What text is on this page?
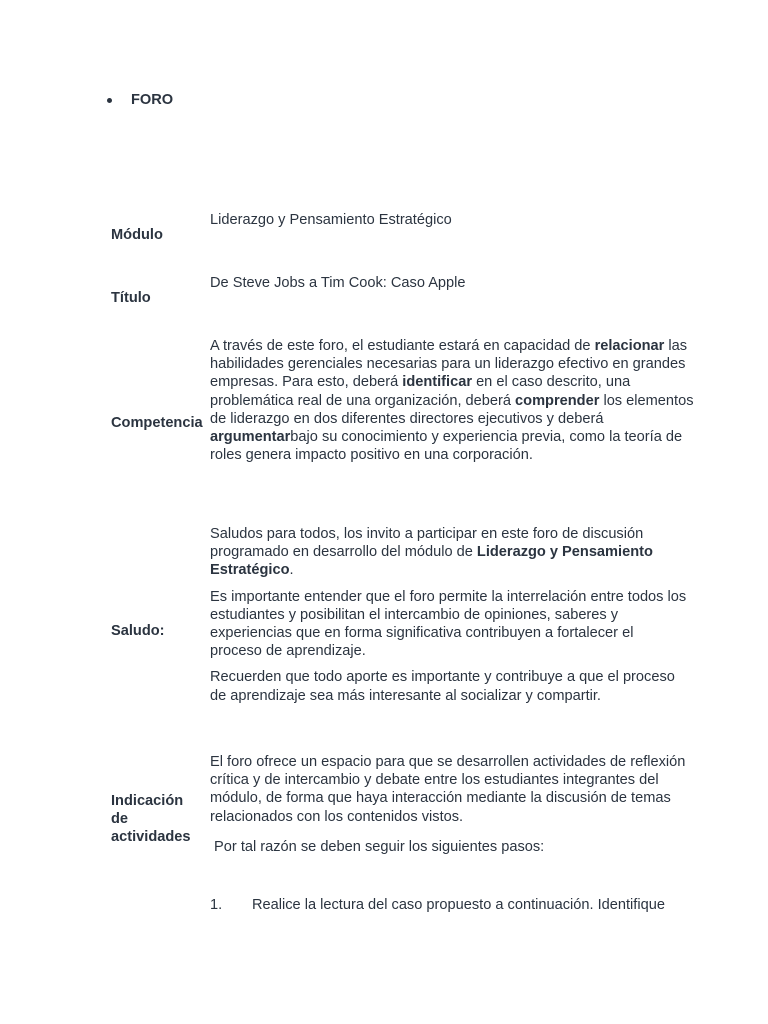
FORO
Módulo

Liderazgo y Pensamiento Estratégico

Título

De Steve Jobs a Tim Cook: Caso Apple

Competencia

A través de este foro, el estudiante estará en capacidad de relacionar las habilidades gerenciales necesarias para un liderazgo efectivo en grandes empresas. Para esto, deberá identificar en el caso descrito, una problemática real de una organización, deberá comprender los elementos de liderazgo en dos diferentes directores ejecutivos y deberá argumentarbajo su conocimiento y experiencia previa, como la teoría de roles genera impacto positivo en una corporación.

Saludo:

Saludos para todos, los invito a participar en este foro de discusión programado en desarrollo del módulo de Liderazgo y Pensamiento Estratégico.

Es importante entender que el foro permite la interrelación entre todos los estudiantes y posibilitan el intercambio de opiniones, saberes y experiencias que en forma significativa contribuyen a fortalecer el proceso de aprendizaje.

Recuerden que todo aporte es importante y contribuye a que el proceso de aprendizaje sea más interesante al socializar y compartir.

Indicación de actividades

El foro ofrece un espacio para que se desarrollen actividades de reflexión crítica y de intercambio y debate entre los estudiantes integrantes del módulo, de forma que haya interacción mediante la discusión de temas relacionados con los contenidos vistos.

Por tal razón se deben seguir los siguientes pasos:

1.	Realice la lectura del caso propuesto a continuación. Identifique
